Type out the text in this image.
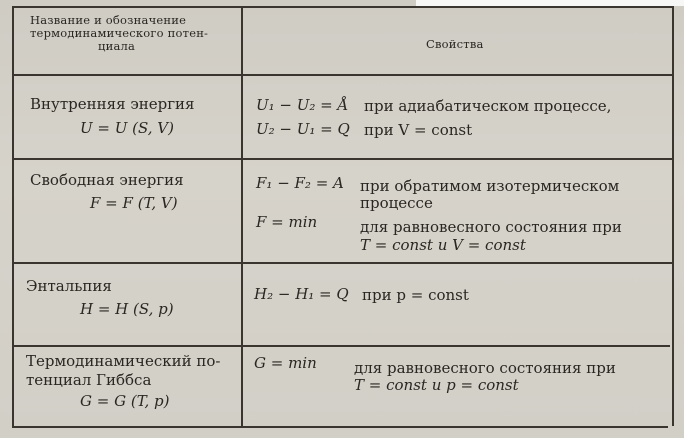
Название и обозначение
термодинамического потен-
циала	Свойства
Внутренняя энергия
U = U (S, V)
U₁ − U₂ = Å при адиабатическом процессе,
U₂ − U₁ = Q при V = const
Свободная энергия
F = F (T, V)
F₁ − F₂ = A при обратимом изотермическом
процессе
F = min	для равновесного состояния при
T = const и V = const
Энтальпия
H = H (S, p)
H₂ − H₁ = Q при p = const
Термодинамический по-
тенциал Гиббса
G = G (T, p)
G = min для равновесного состояния при
T = const и p = const
